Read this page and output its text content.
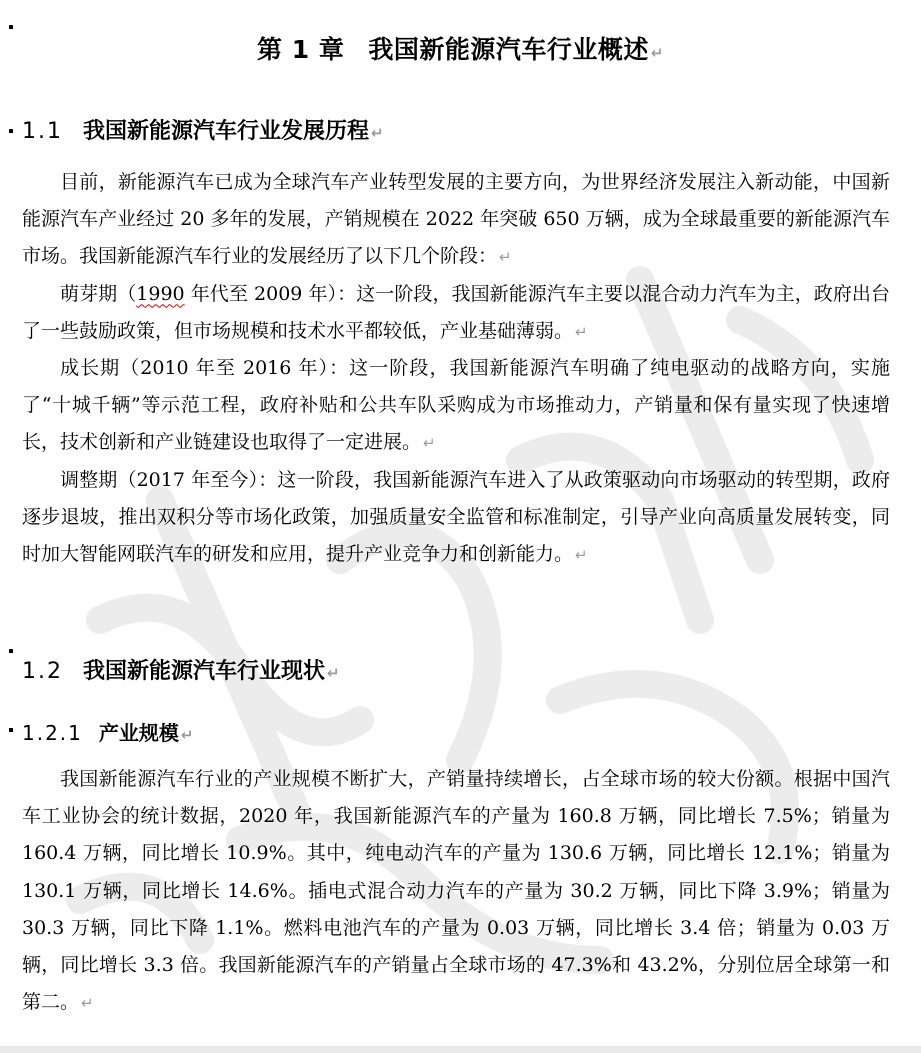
第 1 章 我国新能源汽车行业概述 ↵
1.1 我国新能源汽车行业发展历程 ↵
目前，新能源汽车已成为全球汽车产业转型发展的主要方向，为世界经济发展注入新动能，中国新能源汽车产业经过 20 多年的发展，产销规模在 2022 年突破 650 万辆，成为全球最重要的新能源汽车市场。我国新能源汽车行业的发展经历了以下几个阶段： ↵
萌芽期（1990 年代至 2009 年）：这一阶段，我国新能源汽车主要以混合动力汽车为主，政府出台了一些鼓励政策，但市场规模和技术水平都较低，产业基础薄弱。 ↵
成长期（2010 年至 2016 年）：这一阶段，我国新能源汽车明确了纯电驱动的战略方向，实施了“十城千辆”等示范工程，政府补贴和公共车队采购成为市场推动力，产销量和保有量实现了快速增长，技术创新和产业链建设也取得了一定进展。 ↵
调整期（2017 年至今）：这一阶段，我国新能源汽车进入了从政策驱动向市场驱动的转型期，政府逐步退坡，推出双积分等市场化政策，加强质量安全监管和标准制定，引导产业向高质量发展转变，同时加大智能网联汽车的研发和应用，提升产业竞争力和创新能力。 ↵
1.2 我国新能源汽车行业现状 ↵
1.2.1 产业规模 ↵
我国新能源汽车行业的产业规模不断扩大，产销量持续增长，占全球市场的较大份额。根据中国汽车工业协会的统计数据，2020 年，我国新能源汽车的产量为 160.8 万辆，同比增长 7.5%；销量为 160.4 万辆，同比增长 10.9%。其中，纯电动汽车的产量为 130.6 万辆，同比增长 12.1%；销量为 130.1 万辆，同比增长 14.6%。插电式混合动力汽车的产量为 30.2 万辆，同比下降 3.9%；销量为 30.3 万辆，同比下降 1.1%。燃料电池汽车的产量为 0.03 万辆，同比增长 3.4 倍；销量为 0.03 万辆，同比增长 3.3 倍。我国新能源汽车的产销量占全球市场的 47.3%和 43.2%，分别位居全球第一和第二。 ↵
